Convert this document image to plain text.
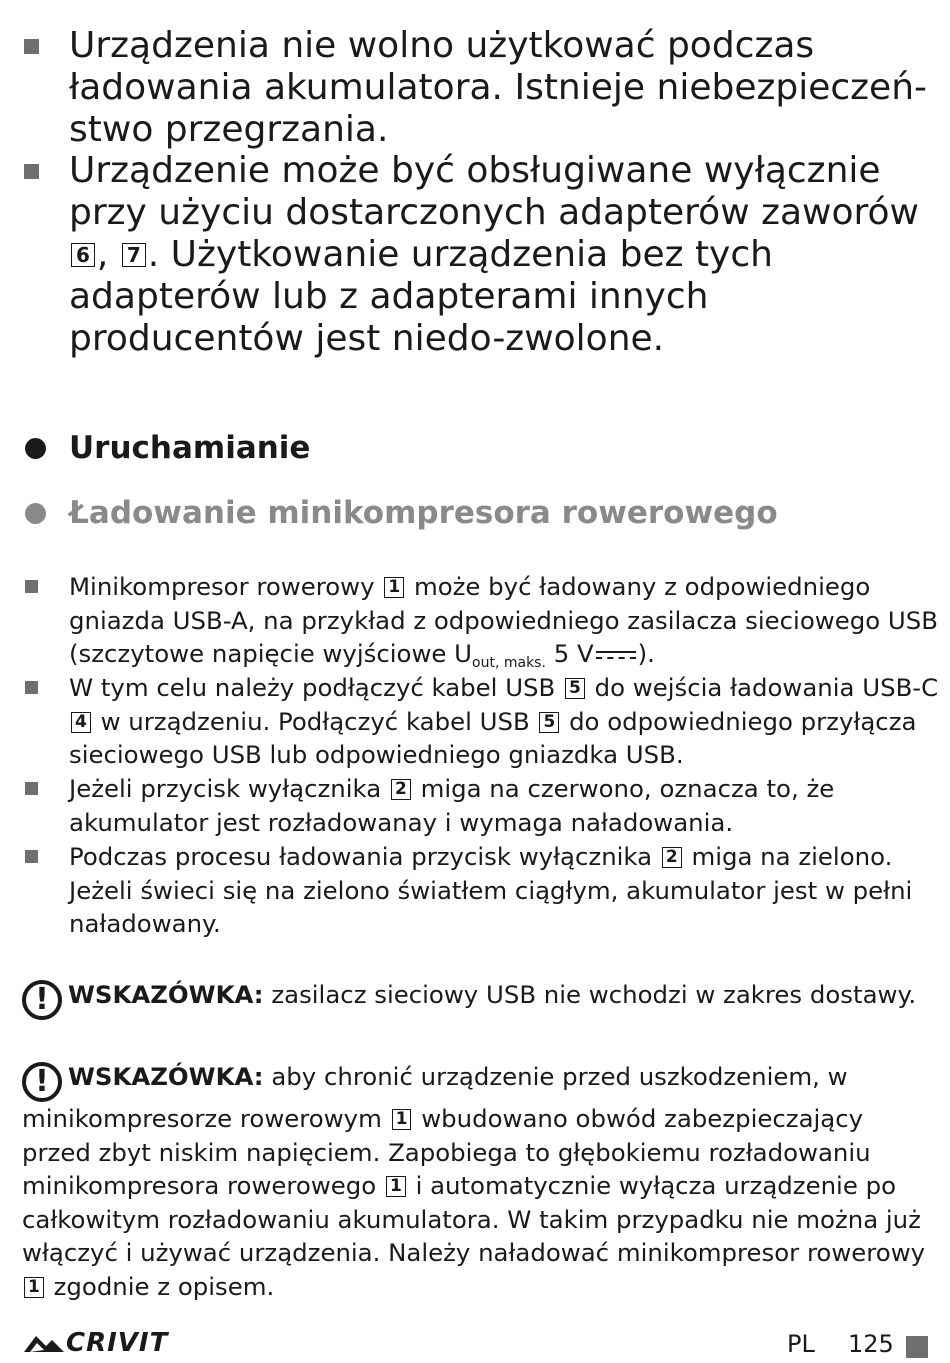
Urządzenia nie wolno użytkować podczas ładowania akumulatora. Istnieje niebezpieczeń-stwo przegrzania.
Urządzenie może być obsługiwane wyłącznie przy użyciu dostarczonych adapterów zaworów 6 , 7 . Użytkowanie urządzenia bez tych adapterów lub z adapterami innych producentów jest niedo-zwolone.
Uruchamianie
Ładowanie minikompresora rowerowego
Minikompresor rowerowy 1 może być ładowany z odpowiedniego gniazda USB-A, na przykład z odpowiedniego zasilacza sieciowego USB (szczytowe napięcie wyjściowe $U_{out, maks.}$ 5 V ).
W tym celu należy podłączyć kabel USB 5 do wejścia ładowania USB-C 4 w urządzeniu. Podłączyć kabel USB 5 do odpowiedniego przyłącza sieciowego USB lub odpowiedniego gniazdka USB.
Jeżeli przycisk wyłącznika 2 miga na czerwono, oznacza to, że akumulator jest rozładowanay i wymaga naładowania.
Podczas procesu ładowania przycisk wyłącznika 2 miga na zielono. Jeżeli świeci się na zielono światłem ciągłym, akumulator jest w pełni naładowany.
! WSKAZÓWKA: zasilacz sieciowy USB nie wchodzi w zakres dostawy.
! WSKAZÓWKA: aby chronić urządzenie przed uszkodzeniem, w minikompresorze rowerowym 1 wbudowano obwód zabezpieczający przed zbyt niskim napięciem. Zapobiega to głębokiemu rozładowaniu minikompresora rowerowego 1 i automatycznie wyłącza urządzenie po całkowitym rozładowaniu akumulatora. W takim przypadku nie można już włączyć i używać urządzenia. Należy naładować minikompresor rowerowy 1 zgodnie z opisem.
CRIVIT	PL 125
